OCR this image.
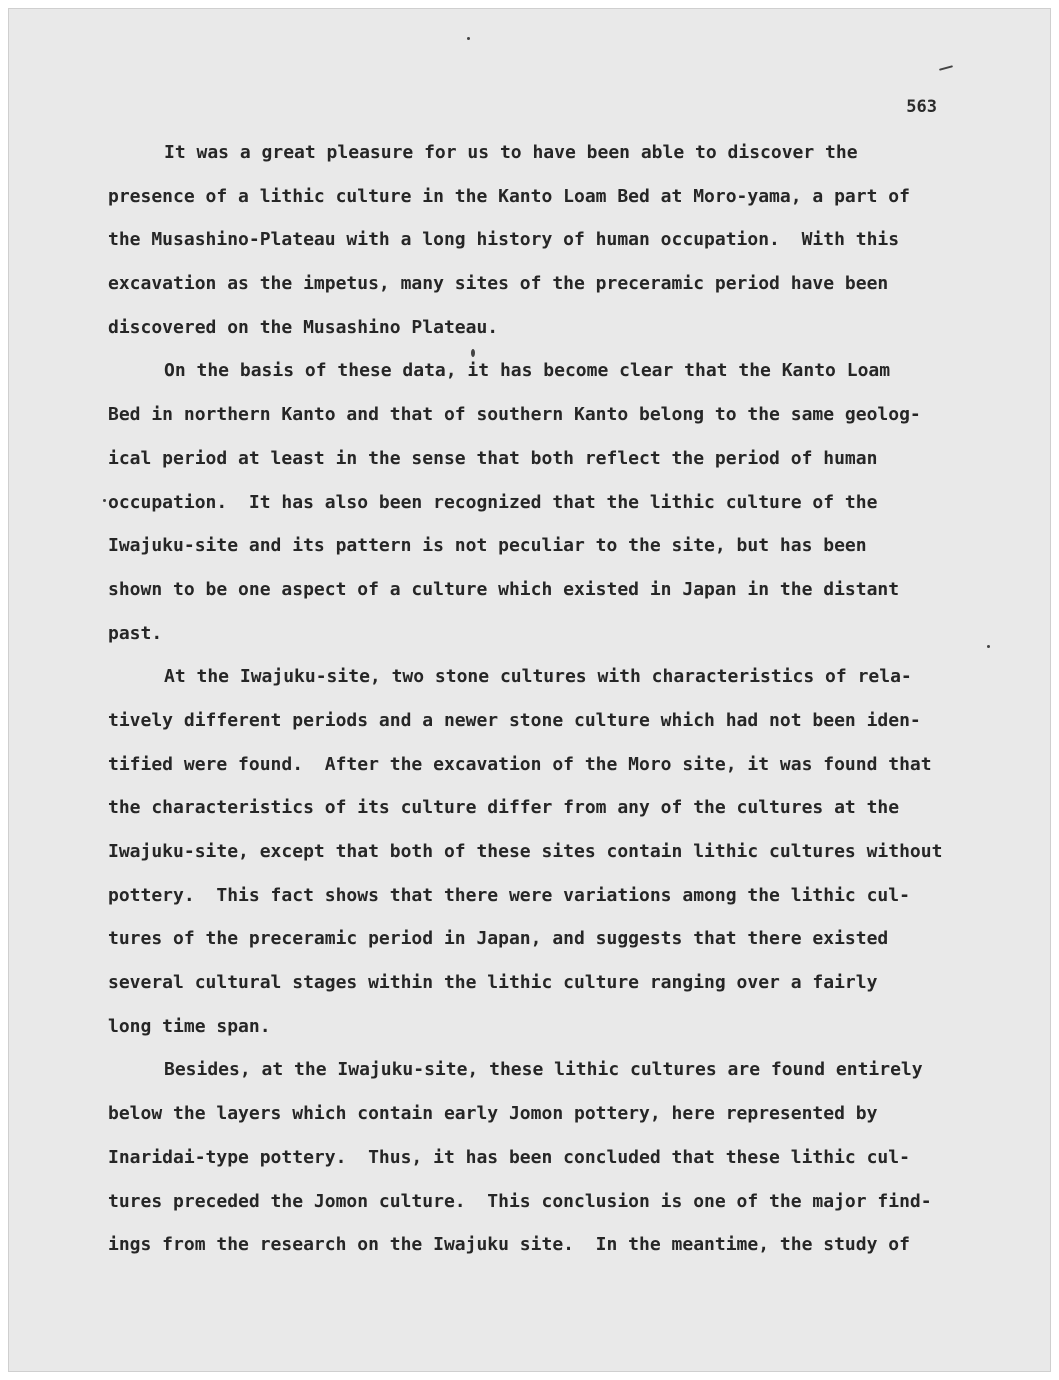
563
It was a great pleasure for us to have been able to discover the
presence of a lithic culture in the Kanto Loam Bed at Moro-yama, a part of
the Musashino-Plateau with a long history of human occupation.  With this
excavation as the impetus, many sites of the preceramic period have been
discovered on the Musashino Plateau.
On the basis of these data, it has become clear that the Kanto Loam
Bed in northern Kanto and that of southern Kanto belong to the same geolog-
ical period at least in the sense that both reflect the period of human
occupation.  It has also been recognized that the lithic culture of the
Iwajuku-site and its pattern is not peculiar to the site, but has been
shown to be one aspect of a culture which existed in Japan in the distant
past.
At the Iwajuku-site, two stone cultures with characteristics of rela-
tively different periods and a newer stone culture which had not been iden-
tified were found.  After the excavation of the Moro site, it was found that
the characteristics of its culture differ from any of the cultures at the
Iwajuku-site, except that both of these sites contain lithic cultures without
pottery.  This fact shows that there were variations among the lithic cul-
tures of the preceramic period in Japan, and suggests that there existed
several cultural stages within the lithic culture ranging over a fairly
long time span.
Besides, at the Iwajuku-site, these lithic cultures are found entirely
below the layers which contain early Jomon pottery, here represented by
Inaridai-type pottery.  Thus, it has been concluded that these lithic cul-
tures preceded the Jomon culture.  This conclusion is one of the major find-
ings from the research on the Iwajuku site.  In the meantime, the study of
